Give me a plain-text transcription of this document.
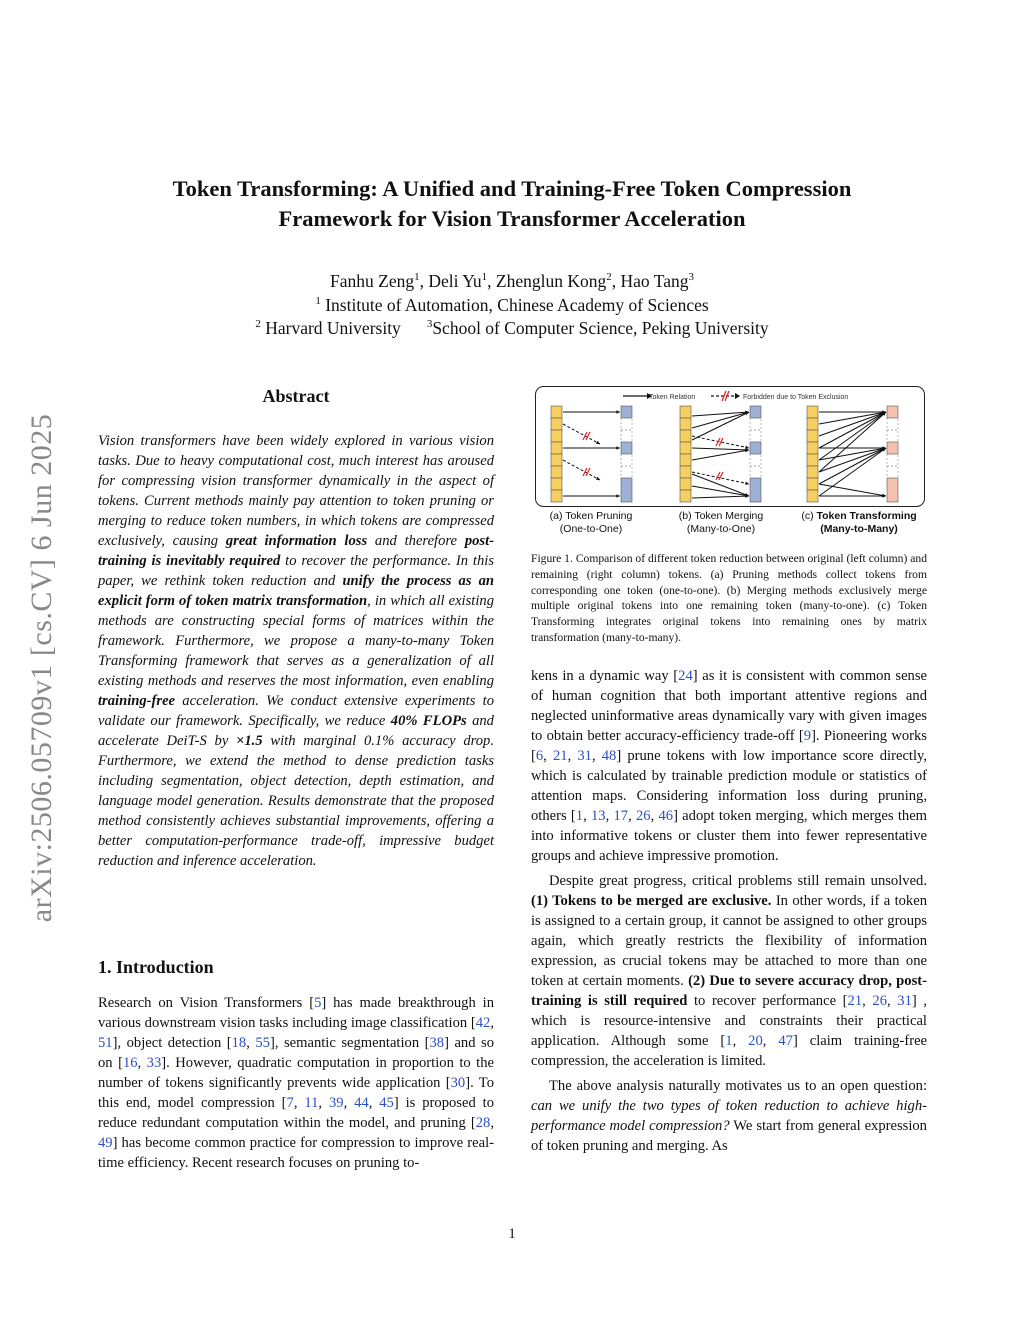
arXiv:2506.05709v1 [cs.CV] 6 Jun 2025
Token Transforming: A Unified and Training-Free Token Compression
Framework for Vision Transformer Acceleration
Fanhu Zeng$^1$, Deli Yu$^1$, Zhenglun Kong$^2$, Hao Tang$^3$
$^1$ Institute of Automation, Chinese Academy of Sciences
$^2$ Harvard University $^3$School of Computer Science, Peking University
Abstract

Vision transformers have been widely explored in various vision tasks. Due to heavy computational cost, much interest has aroused for compressing vision transformer dynamically in the aspect of tokens. Current methods mainly pay attention to token pruning or merging to reduce token numbers, in which tokens are compressed exclusively, causing great information loss and therefore post-training is inevitably required to recover the performance. In this paper, we rethink token reduction and unify the process as an explicit form of token matrix transformation, in which all existing methods are constructing special forms of matrices within the framework. Furthermore, we propose a many-to-many Token Transforming framework that serves as a generalization of all existing methods and reserves the most information, even enabling training-free acceleration. We conduct extensive experiments to validate our framework. Specifically, we reduce 40% FLOPs and accelerate DeiT-S by ×1.5 with marginal 0.1% accuracy drop. Furthermore, we extend the method to dense prediction tasks including segmentation, object detection, depth estimation, and language model generation. Results demonstrate that the proposed method consistently achieves substantial improvements, offering a better computation-performance trade-off, impressive budget reduction and inference acceleration.

1. Introduction

Research on Vision Transformers [5] has made breakthrough in various downstream vision tasks including image classification [42, 51], object detection [18, 55], semantic segmentation [38] and so on [16, 33]. However, quadratic computation in proportion to the number of tokens significantly prevents wide application [30]. To this end, model compression [7, 11, 39, 44, 45] is proposed to reduce redundant computation within the model, and pruning [28, 49] has become common practice for compression to improve real-time efficiency. Recent research focuses on pruning to-

Token Relation	Forbidden due to Token Exclusion
(a) Token Pruning
(One-to-One)
(b) Token Merging
(Many-to-One)
(c) Token Transforming
(Many-to-Many)

Figure 1. Comparison of different token reduction between original (left column) and remaining (right column) tokens. (a) Pruning methods collect tokens from corresponding one token (one-to-one). (b) Merging methods exclusively merge multiple original tokens into one remaining token (many-to-one). (c) Token Transforming integrates original tokens into remaining ones by matrix transformation (many-to-many).

kens in a dynamic way [24] as it is consistent with common sense of human cognition that both important attentive regions and neglected uninformative areas dynamically vary with given images to obtain better accuracy-efficiency trade-off [9]. Pioneering works [6, 21, 31, 48] prune tokens with low importance score directly, which is calculated by trainable prediction module or statistics of attention maps. Considering information loss during pruning, others [1, 13, 17, 26, 46] adopt token merging, which merges them into informative tokens or cluster them into fewer representative groups and achieve impressive promotion.

Despite great progress, critical problems still remain unsolved. (1) Tokens to be merged are exclusive. In other words, if a token is assigned to a certain group, it cannot be assigned to other groups again, which greatly restricts the flexibility of information expression, as crucial tokens may be attached to more than one token at certain moments. (2) Due to severe accuracy drop, post-training is still required to recover performance [21, 26, 31] , which is resource-intensive and constraints their practical application. Although some [1, 20, 47] claim training-free compression, the acceleration is limited.

The above analysis naturally motivates us to an open question: can we unify the two types of token reduction to achieve high-performance model compression? We start from general expression of token pruning and merging. As

1
